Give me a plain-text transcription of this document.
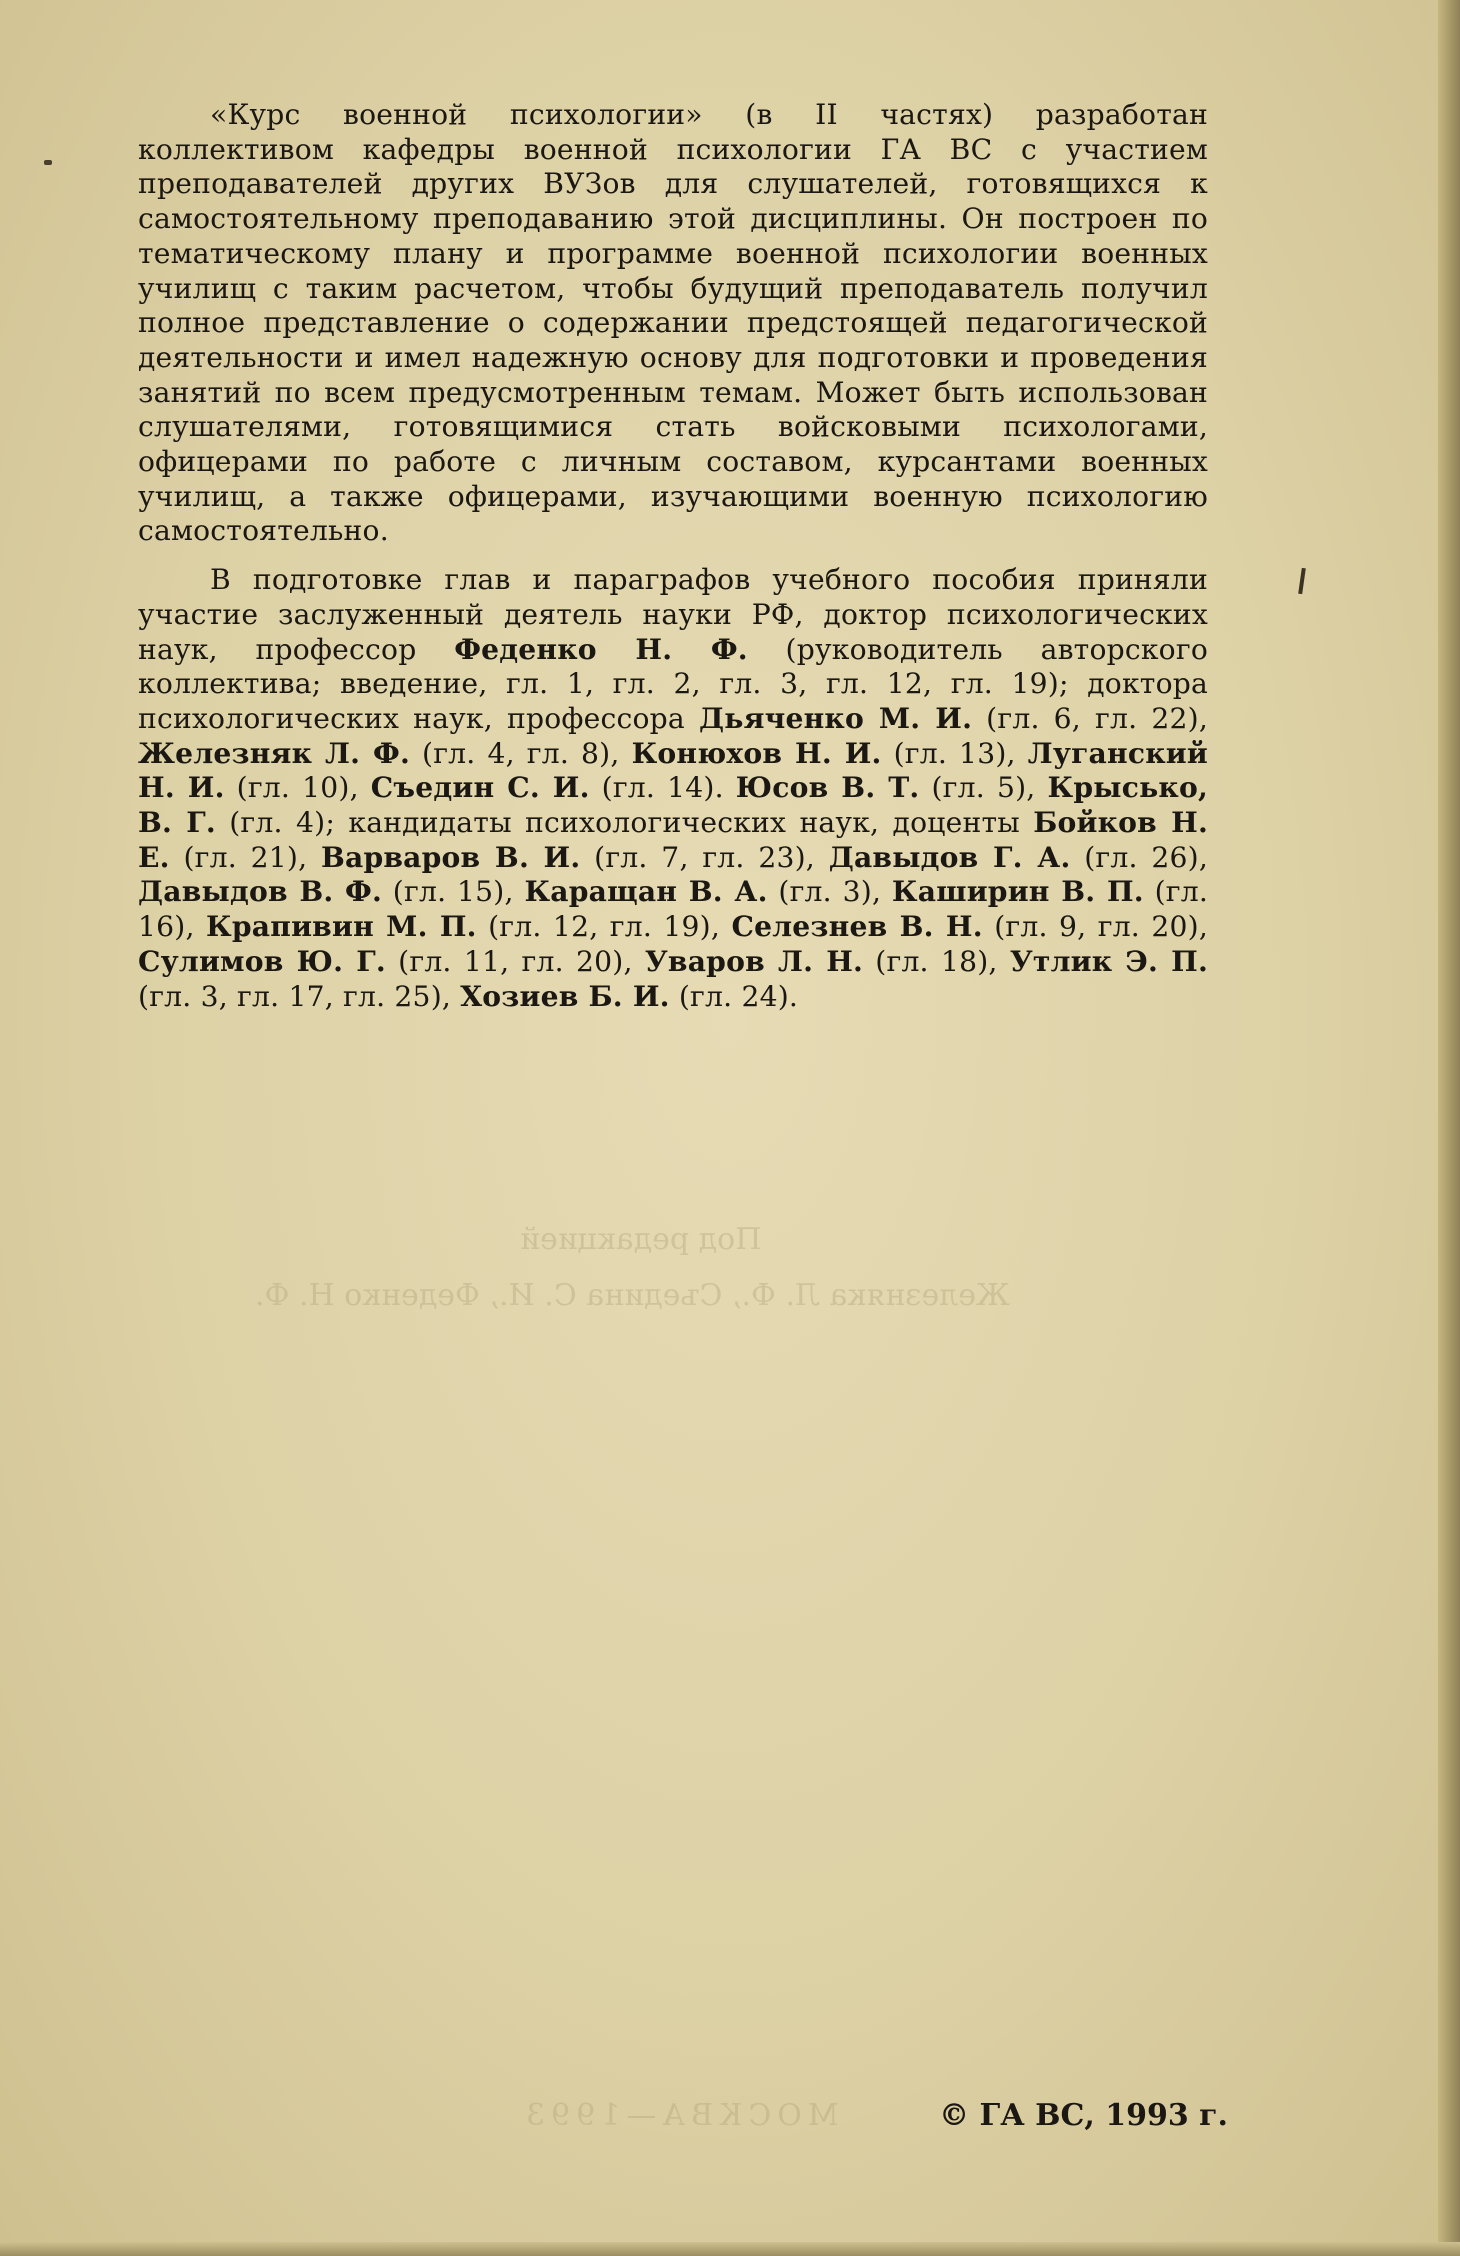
Под редакцией
Железняка Л. Ф., Съедина С. И., Феденко Н. Ф.
МОСКВА—1993

«Курс военной психологии» (в II частях) разработан коллективом кафедры военной психологии ГА ВС с участием преподавателей других ВУЗов для слушателей, готовящихся к самостоятельному преподаванию этой дисциплины. Он построен по тематическому плану и программе военной психологии военных училищ с таким расчетом, чтобы будущий преподаватель получил полное представление о содержании предстоящей педагогической деятельности и имел надежную основу для подготовки и проведения занятий по всем предусмотренным темам. Может быть использован слушателями, готовящимися стать войсковыми психологами, офицерами по работе с личным составом, курсантами военных училищ, а также офицерами, изучающими военную психологию самостоятельно.

В подготовке глав и параграфов учебного пособия приняли участие заслуженный деятель науки РФ, доктор психологических наук, профессор Феденко Н. Ф. (руководитель авторского коллектива; введение, гл. 1, гл. 2, гл. 3, гл. 12, гл. 19); доктора психологических наук, профессора Дьяченко М. И. (гл. 6, гл. 22), Железняк Л. Ф. (гл. 4, гл. 8), Конюхов Н. И. (гл. 13), Луганский Н. И. (гл. 10), Съедин С. И. (гл. 14). Юсов В. Т. (гл. 5), Крысько, В. Г. (гл. 4); кандидаты психологических наук, доценты Бойков Н. Е. (гл. 21), Варваров В. И. (гл. 7, гл. 23), Давыдов Г. А. (гл. 26), Давыдов В. Ф. (гл. 15), Каращан В. А. (гл. 3), Каширин В. П. (гл. 16), Крапивин М. П. (гл. 12, гл. 19), Селезнев В. Н. (гл. 9, гл. 20), Сулимов Ю. Г. (гл. 11, гл. 20), Уваров Л. Н. (гл. 18), Утлик Э. П. (гл. 3, гл. 17, гл. 25), Хозиев Б. И. (гл. 24).

© ГА ВС, 1993 г.
